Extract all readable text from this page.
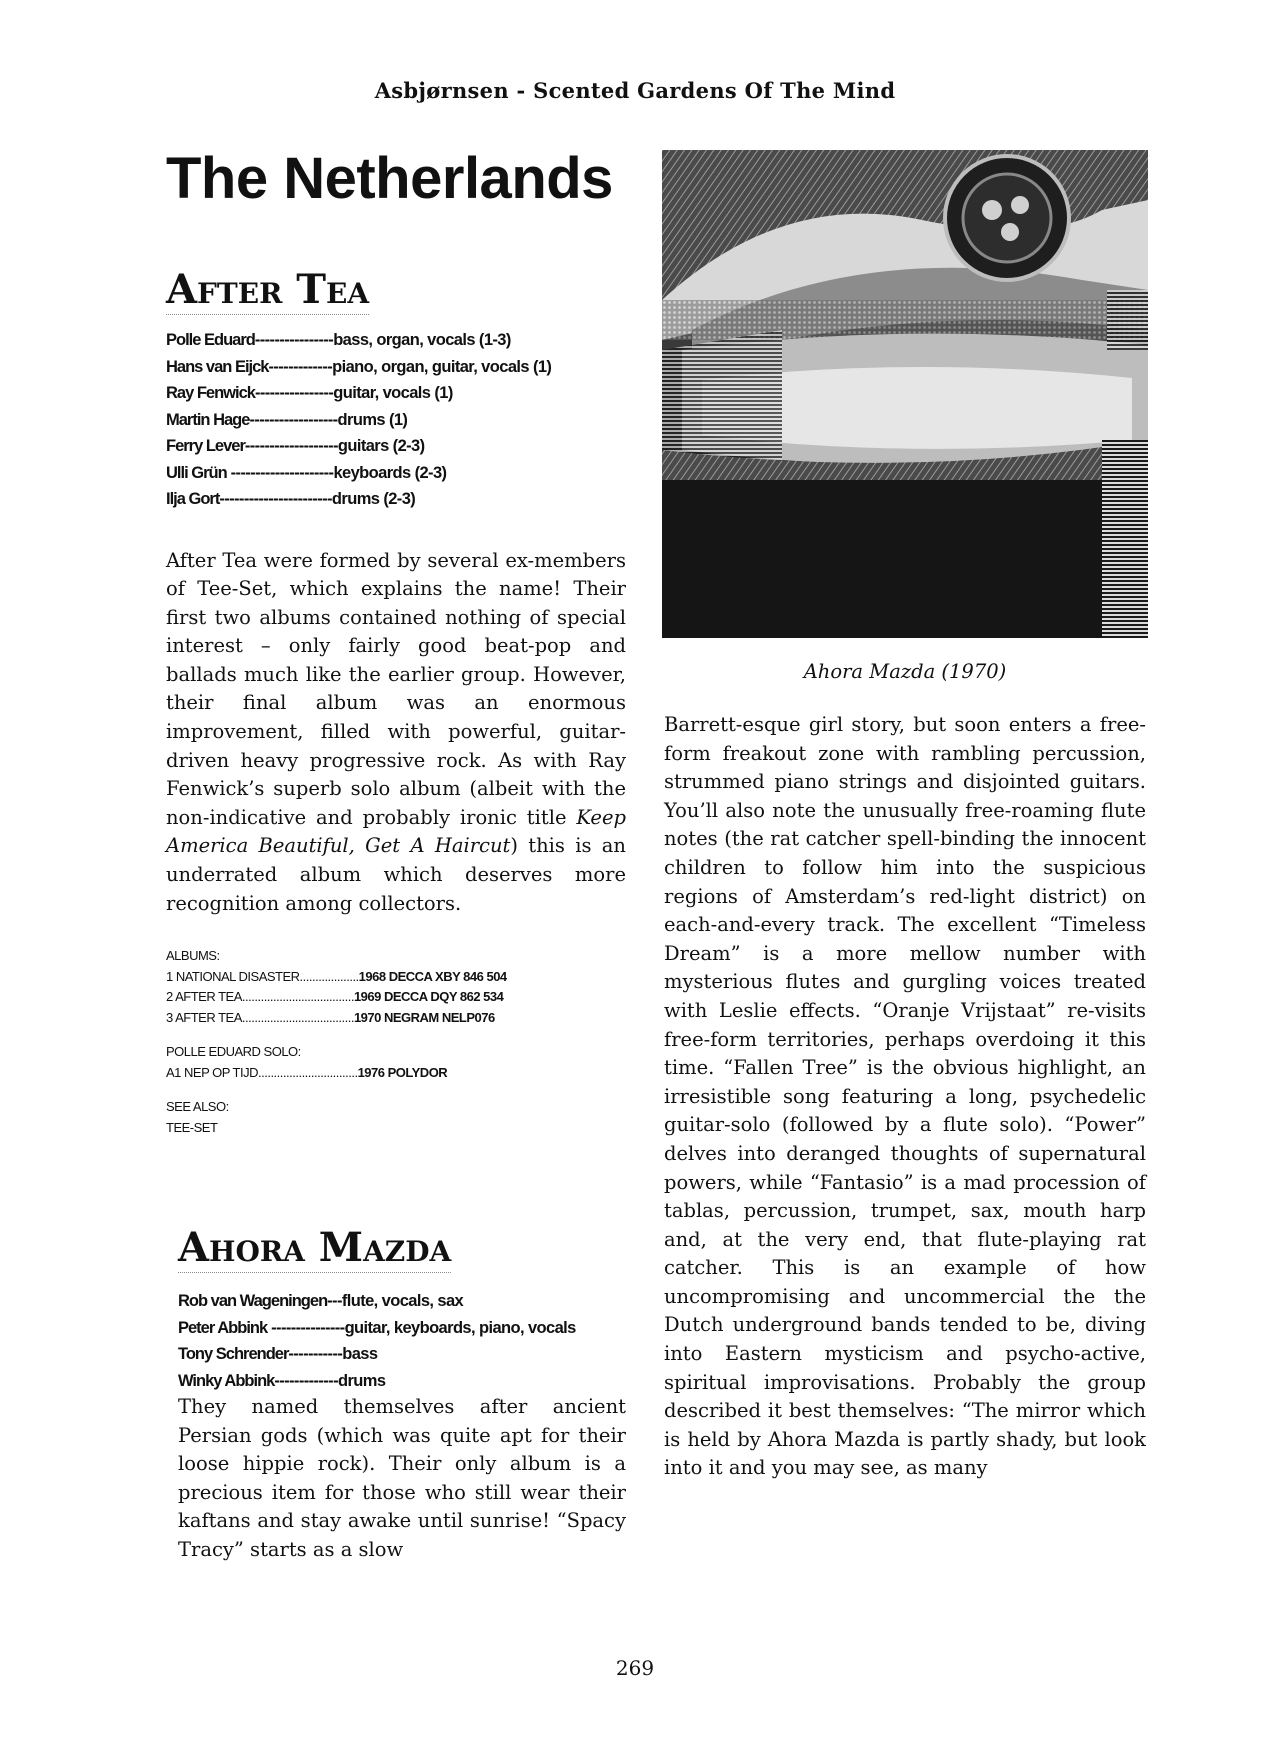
Asbjørnsen - Scented Gardens Of The Mind
The Netherlands
After Tea
Polle Eduard----------------bass, organ, vocals (1-3)
Hans van Eijck-------------piano, organ, guitar, vocals (1)
Ray Fenwick----------------guitar, vocals (1)
Martin Hage------------------drums (1)
Ferry Lever-------------------guitars (2-3)
Ulli Grün ---------------------keyboards (2-3)
Ilja Gort-----------------------drums (2-3)
After Tea were formed by several ex-members of Tee-Set, which explains the name! Their first two albums contained nothing of special interest – only fairly good beat-pop and ballads much like the earlier group. However, their final album was an enormous improvement, filled with powerful, guitar-driven heavy progressive rock. As with Ray Fenwick’s superb solo album (albeit with the non-indicative and probably ironic title Keep America Beautiful, Get A Haircut) this is an underrated album which deserves more recognition among collectors.
ALBUMS:
1 NATIONAL DISASTER...................1968 DECCA XBY 846 504
2 AFTER TEA....................................1969 DECCA DQY 862 534
3 AFTER TEA....................................1970 NEGRAM NELP076
POLLE EDUARD SOLO:
A1 NEP OP TIJD................................1976 POLYDOR
SEE ALSO:
TEE-SET
Ahora Mazda
Rob van Wageningen---flute, vocals, sax
Peter Abbink ---------------guitar, keyboards, piano, vocals
Tony Schrender-----------bass
Winky Abbink-------------drums
They named themselves after ancient Persian gods (which was quite apt for their loose hippie rock). Their only album is a precious item for those who still wear their kaftans and stay awake until sunrise! “Spacy Tracy” starts as a slow
Ahora Mazda (1970)
Barrett-esque girl story, but soon enters a free-form freakout zone with rambling percussion, strummed piano strings and disjointed guitars. You’ll also note the unusually free-roaming flute notes (the rat catcher spell-binding the innocent children to follow him into the suspicious regions of Amsterdam’s red-light district) on each-and-every track. The excellent “Timeless Dream” is a more mellow number with mysterious flutes and gurgling voices treated with Leslie effects. “Oranje Vrijstaat” re-visits free-form territories, perhaps overdoing it this time. “Fallen Tree” is the obvious highlight, an irresistible song featuring a long, psychedelic guitar-solo (followed by a flute solo). “Power” delves into deranged thoughts of supernatural powers, while “Fantasio” is a mad procession of tablas, percussion, trumpet, sax, mouth harp and, at the very end, that flute-playing rat catcher. This is an example of how uncompromising and uncommercial the the Dutch underground bands tended to be, diving into Eastern mysticism and psycho-active, spiritual improvisations. Probably the group described it best themselves: “The mirror which is held by Ahora Mazda is partly shady, but look into it and you may see, as many
269
